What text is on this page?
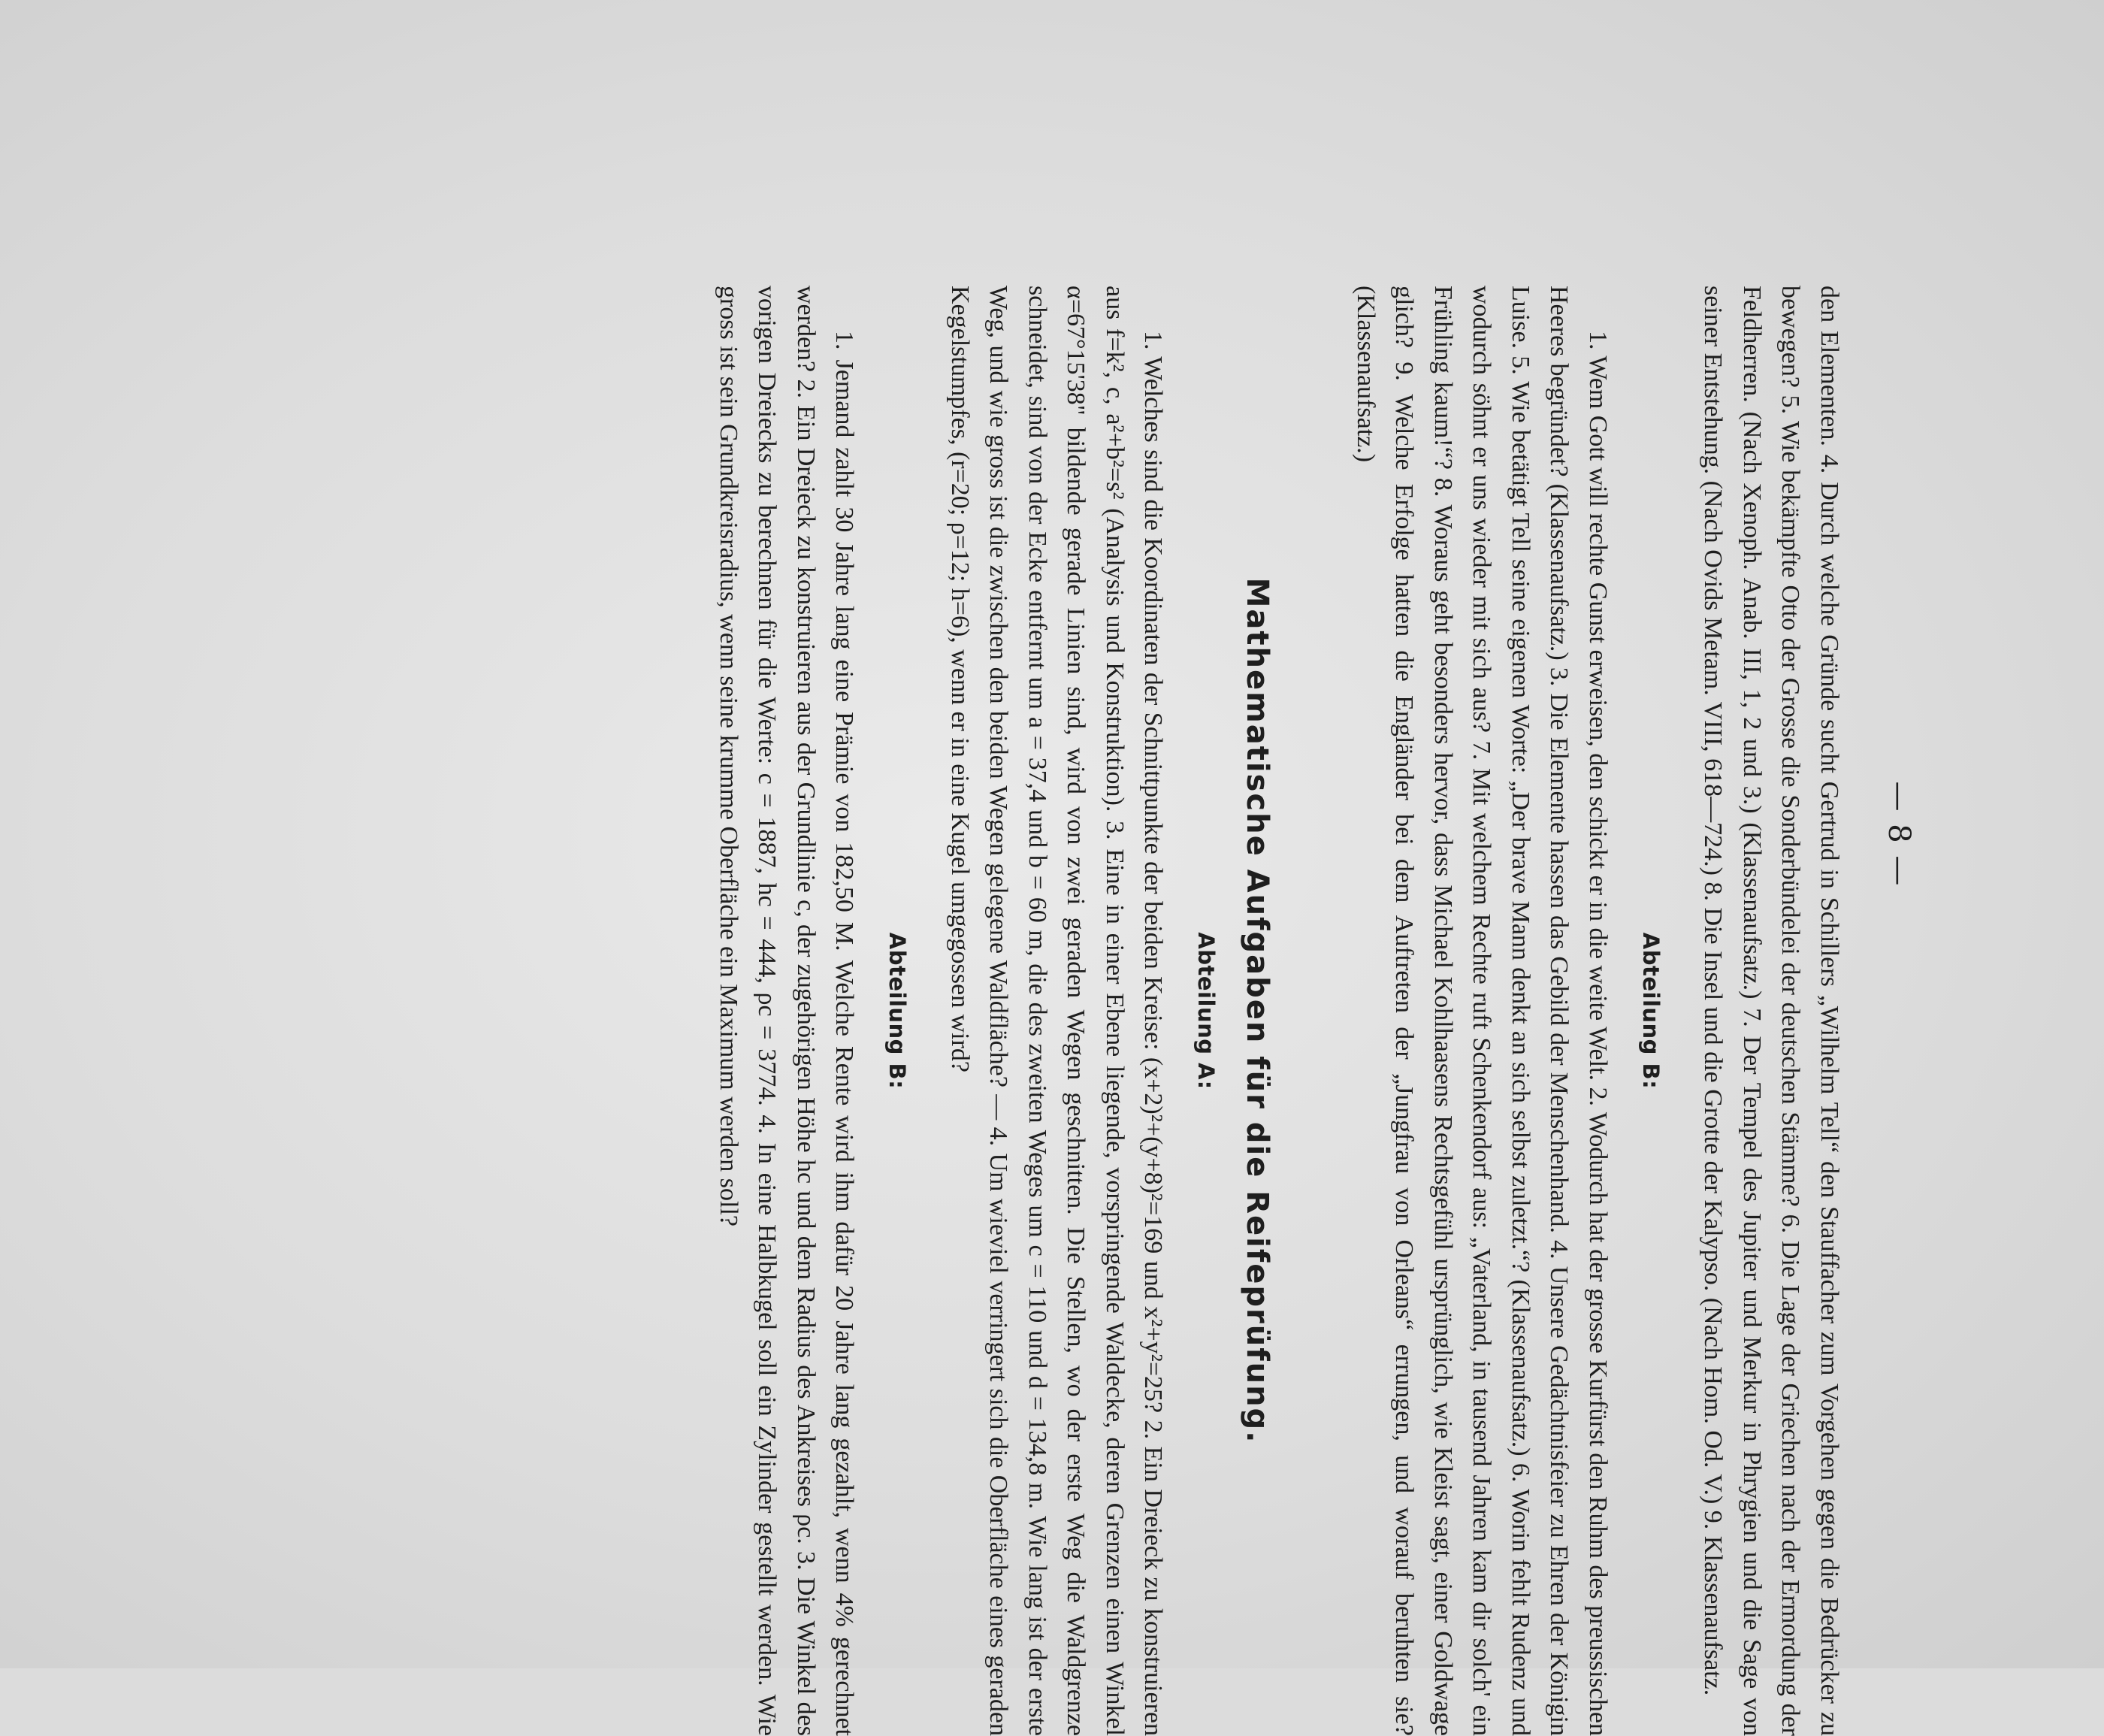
— 8 —

den Elementen. 4. Durch welche Gründe sucht Gertrud in Schillers „Wilhelm Tell“ den Stauffacher zum Vorgehen gegen die Bedrücker zu bewegen? 5. Wie bekämpfte Otto der Grosse die Sonderbündelei der deutschen Stämme? 6. Die Lage der Griechen nach der Ermordung der Feldherren. (Nach Xenoph. Anab. III, 1, 2 und 3.) (Klassenaufsatz.) 7. Der Tempel des Jupiter und Merkur in Phrygien und die Sage von seiner Entstehung. (Nach Ovids Metam. VIII, 618—724.) 8. Die Insel und die Grotte der Kalypso. (Nach Hom. Od. V.) 9. Klassenaufsatz.

Abteilung B:

1. Wem Gott will rechte Gunst erweisen, den schickt er in die weite Welt. 2. Wodurch hat der grosse Kurfürst den Ruhm des preussischen Heeres begründet? (Klassenaufsatz.) 3. Die Elemente hassen das Gebild der Menschenhand. 4. Unsere Gedächtnisfeier zu Ehren der Königin Luise. 5. Wie betätigt Tell seine eigenen Worte: „Der brave Mann denkt an sich selbst zuletzt.“? (Klassenaufsatz.) 6. Worin fehlt Rudenz und wodurch söhnt er uns wieder mit sich aus? 7. Mit welchem Rechte ruft Schenkendorf aus: „Vaterland, in tausend Jahren kam dir solch' ein Frühling kaum!“? 8. Woraus geht besonders hervor, dass Michael Kohlhaasens Rechtsgefühl ursprünglich, wie Kleist sagt, einer Goldwage glich? 9. Welche Erfolge hatten die Engländer bei dem Auftreten der „Jungfrau von Orleans“ errungen, und worauf beruhten sie? (Klassenaufsatz.)

Mathematische Aufgaben für die Reifeprüfung.
Abteilung A:

1. Welches sind die Koordinaten der Schnittpunkte der beiden Kreise: (x+2)²+(y+8)²=169 und x²+y²=25? 2. Ein Dreieck zu konstruieren aus f=k², c, a²+b²=s² (Analysis und Konstruktion). 3. Eine in einer Ebene liegende, vorspringende Waldecke, deren Grenzen einen Winkel α=67°15'38" bildende gerade Linien sind, wird von zwei geraden Wegen geschnitten. Die Stellen, wo der erste Weg die Waldgrenze schneidet, sind von der Ecke entfernt um a = 37,4 und b = 60 m, die des zweiten Weges um c = 110 und d = 134,8 m. Wie lang ist der erste Weg, und wie gross ist die zwischen den beiden Wegen gelegene Waldfläche? — 4. Um wieviel verringert sich die Oberfläche eines geraden Kegelstumpfes, (r=20; ρ=12; h=6), wenn er in eine Kugel umgegossen wird?

Abteilung B:

1. Jemand zahlt 30 Jahre lang eine Prämie von 182,50 M. Welche Rente wird ihm dafür 20 Jahre lang gezahlt, wenn 4% gerechnet werden? 2. Ein Dreieck zu konstruieren aus der Grundlinie c, der zugehörigen Höhe hc und dem Radius des Ankreises ρc. 3. Die Winkel des vorigen Dreiecks zu berechnen für die Werte: c = 1887, hc = 444, ρc = 3774. 4. In eine Halbkugel soll ein Zylinder gestellt werden. Wie gross ist sein Grundkreisradius, wenn seine krumme Oberfläche ein Maximum werden soll?
